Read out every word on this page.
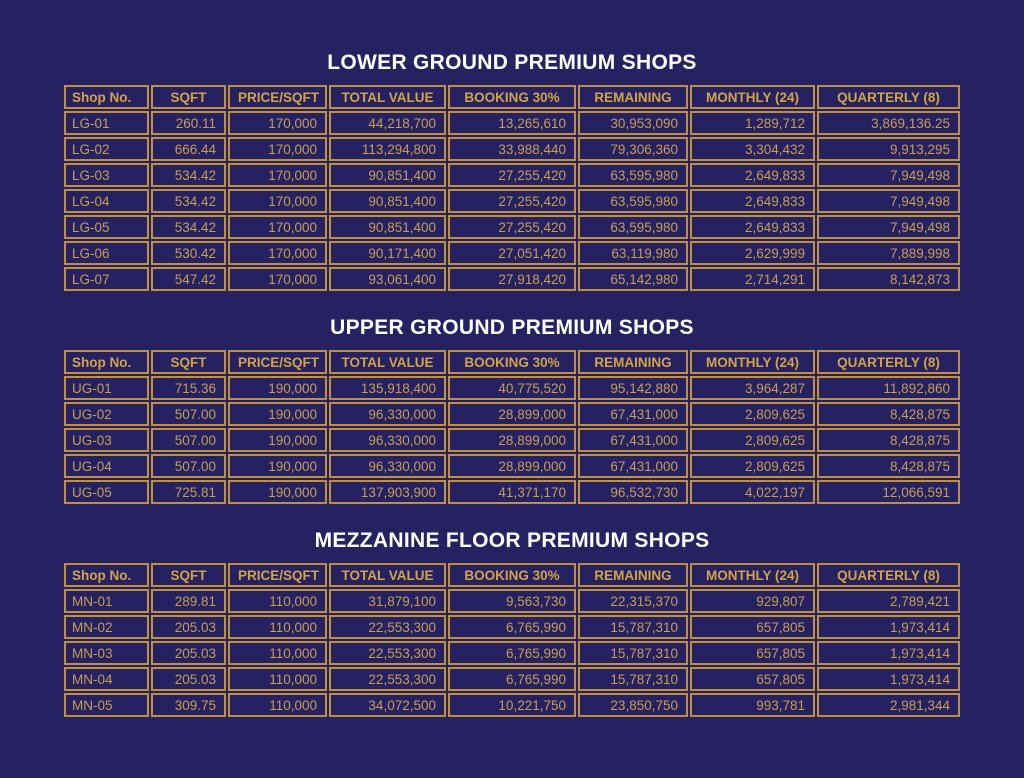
LOWER GROUND PREMIUM SHOPS
Shop No.	SQFT	PRICE/SQFT	TOTAL VALUE	BOOKING 30%	REMAINING	MONTHLY (24)	QUARTERLY (8)
LG-01	260.11	170,000	44,218,700	13,265,610	30,953,090	1,289,712	3,869,136.25
LG-02	666.44	170,000	113,294,800	33,988,440	79,306,360	3,304,432	9,913,295
LG-03	534.42	170,000	90,851,400	27,255,420	63,595,980	2,649,833	7,949,498
LG-04	534.42	170,000	90,851,400	27,255,420	63,595,980	2,649,833	7,949,498
LG-05	534.42	170,000	90,851,400	27,255,420	63,595,980	2,649,833	7,949,498
LG-06	530.42	170,000	90,171,400	27,051,420	63,119,980	2,629,999	7,889,998
LG-07	547.42	170,000	93,061,400	27,918,420	65,142,980	2,714,291	8,142,873
UPPER GROUND PREMIUM SHOPS
Shop No.	SQFT	PRICE/SQFT	TOTAL VALUE	BOOKING 30%	REMAINING	MONTHLY (24)	QUARTERLY (8)
UG-01	715.36	190,000	135,918,400	40,775,520	95,142,880	3,964,287	11,892,860
UG-02	507.00	190,000	96,330,000	28,899,000	67,431,000	2,809,625	8,428,875
UG-03	507.00	190,000	96,330,000	28,899,000	67,431,000	2,809,625	8,428,875
UG-04	507.00	190,000	96,330,000	28,899,000	67,431,000	2,809,625	8,428,875
UG-05	725.81	190,000	137,903,900	41,371,170	96,532,730	4,022,197	12,066,591
MEZZANINE FLOOR PREMIUM SHOPS
Shop No.	SQFT	PRICE/SQFT	TOTAL VALUE	BOOKING 30%	REMAINING	MONTHLY (24)	QUARTERLY (8)
MN-01	289.81	110,000	31,879,100	9,563,730	22,315,370	929,807	2,789,421
MN-02	205.03	110,000	22,553,300	6,765,990	15,787,310	657,805	1,973,414
MN-03	205.03	110,000	22,553,300	6,765,990	15,787,310	657,805	1,973,414
MN-04	205.03	110,000	22,553,300	6,765,990	15,787,310	657,805	1,973,414
MN-05	309.75	110,000	34,072,500	10,221,750	23,850,750	993,781	2,981,344
